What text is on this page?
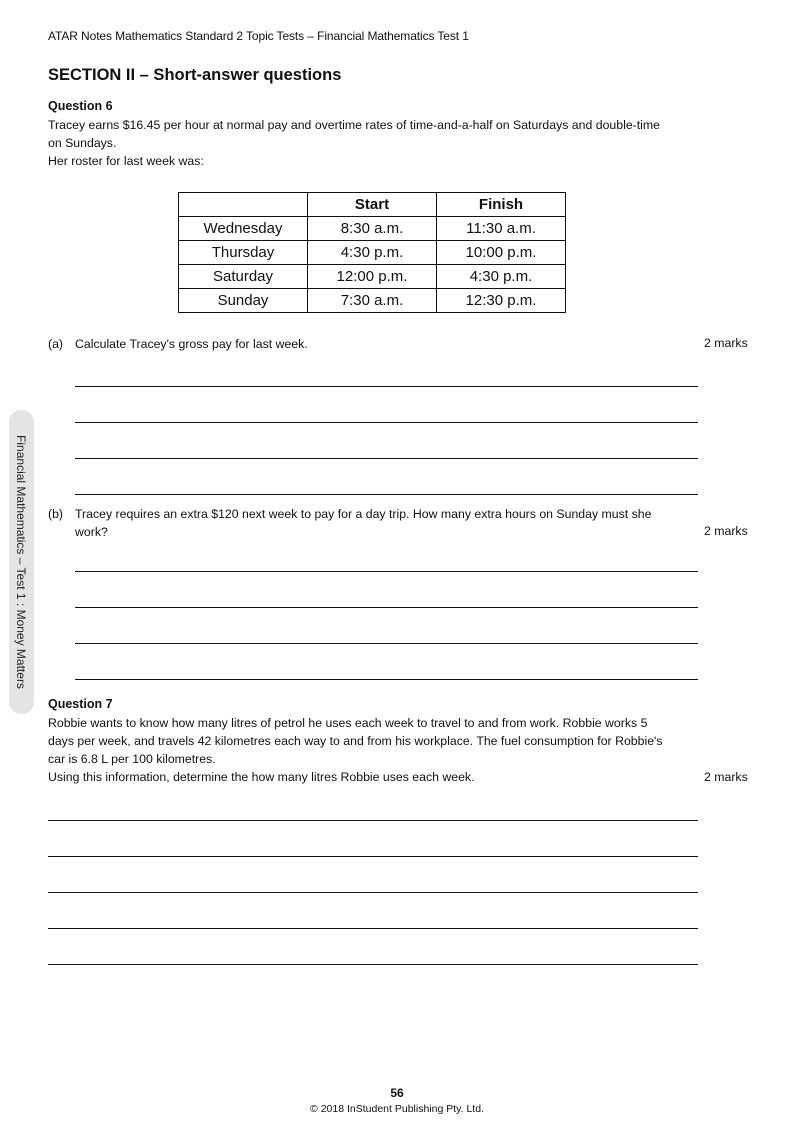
ATAR Notes Mathematics Standard 2 Topic Tests – Financial Mathematics Test 1
SECTION II – Short-answer questions
Question 6
Tracey earns $16.45 per hour at normal pay and overtime rates of time-and-a-half on Saturdays and double-time
on Sundays.
Her roster for last week was:
	Start	Finish
Wednesday	8:30 a.m.	11:30 a.m.
Thursday	4:30 p.m.	10:00 p.m.
Saturday	12:00 p.m.	4:30 p.m.
Sunday	7:30 a.m.	12:30 p.m.
(a) Calculate Tracey's gross pay for last week.	2 marks
(b) Tracey requires an extra $120 next week to pay for a day trip. How many extra hours on Sunday must she
work?	2 marks
Question 7
Robbie wants to know how many litres of petrol he uses each week to travel to and from work. Robbie works 5
days per week, and travels 42 kilometres each way to and from his workplace. The fuel consumption for Robbie's
car is 6.8 L per 100 kilometres.
Using this information, determine the how many litres Robbie uses each week.	2 marks
Financial Mathematics – Test 1 : Money Matters
56
© 2018 InStudent Publishing Pty. Ltd.
